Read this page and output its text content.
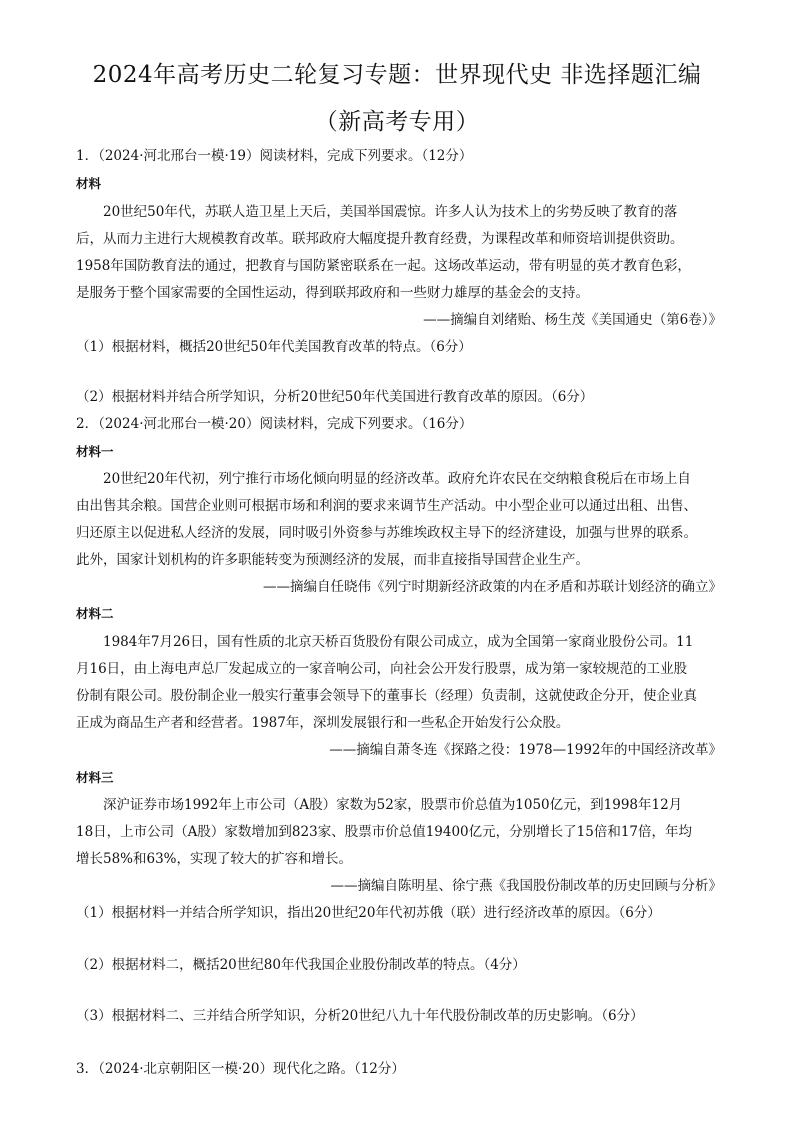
2024年高考历史二轮复习专题：世界现代史 非选择题汇编
（新高考专用）
1．（2024·河北邢台一模·19）阅读材料，完成下列要求。（12分）
材料
20世纪50年代，苏联人造卫星上天后，美国举国震惊。许多人认为技术上的劣势反映了教育的落
后，从而力主进行大规模教育改革。联邦政府大幅度提升教育经费，为课程改革和师资培训提供资助。
1958年国防教育法的通过，把教育与国防紧密联系在一起。这场改革运动，带有明显的英才教育色彩，
是服务于整个国家需要的全国性运动，得到联邦政府和一些财力雄厚的基金会的支持。
——摘编自刘绪贻、杨生茂《美国通史（第6卷）》
（1）根据材料，概括20世纪50年代美国教育改革的特点。（6分）
（2）根据材料并结合所学知识，分析20世纪50年代美国进行教育改革的原因。（6分）
2．（2024·河北邢台一模·20）阅读材料，完成下列要求。（16分）
材料一
20世纪20年代初，列宁推行市场化倾向明显的经济改革。政府允许农民在交纳粮食税后在市场上自
由出售其余粮。国营企业则可根据市场和利润的要求来调节生产活动。中小型企业可以通过出租、出售、
归还原主以促进私人经济的发展，同时吸引外资参与苏维埃政权主导下的经济建设，加强与世界的联系。
此外，国家计划机构的许多职能转变为预测经济的发展，而非直接指导国营企业生产。
——摘编自任晓伟《列宁时期新经济政策的内在矛盾和苏联计划经济的确立》
材料二
1984年7月26日，国有性质的北京天桥百货股份有限公司成立，成为全国第一家商业股份公司。11
月16日，由上海电声总厂发起成立的一家音响公司，向社会公开发行股票，成为第一家较规范的工业股
份制有限公司。股份制企业一般实行董事会领导下的董事长（经理）负责制，这就使政企分开，使企业真
正成为商品生产者和经营者。1987年，深圳发展银行和一些私企开始发行公众股。
——摘编自萧冬连《探路之役：1978—1992年的中国经济改革》
材料三
深沪证券市场1992年上市公司（A股）家数为52家，股票市价总值为1050亿元，到1998年12月
18日，上市公司（A股）家数增加到823家、股票市价总值19400亿元，分别增长了15倍和17倍，年均
增长58%和63%，实现了较大的扩容和增长。
——摘编自陈明星、徐宁燕《我国股份制改革的历史回顾与分析》
（1）根据材料一并结合所学知识，指出20世纪20年代初苏俄（联）进行经济改革的原因。（6分）
（2）根据材料二，概括20世纪80年代我国企业股份制改革的特点。（4分）
（3）根据材料二、三并结合所学知识，分析20世纪八九十年代股份制改革的历史影响。（6分）
3．（2024·北京朝阳区一模·20）现代化之路。（12分）
